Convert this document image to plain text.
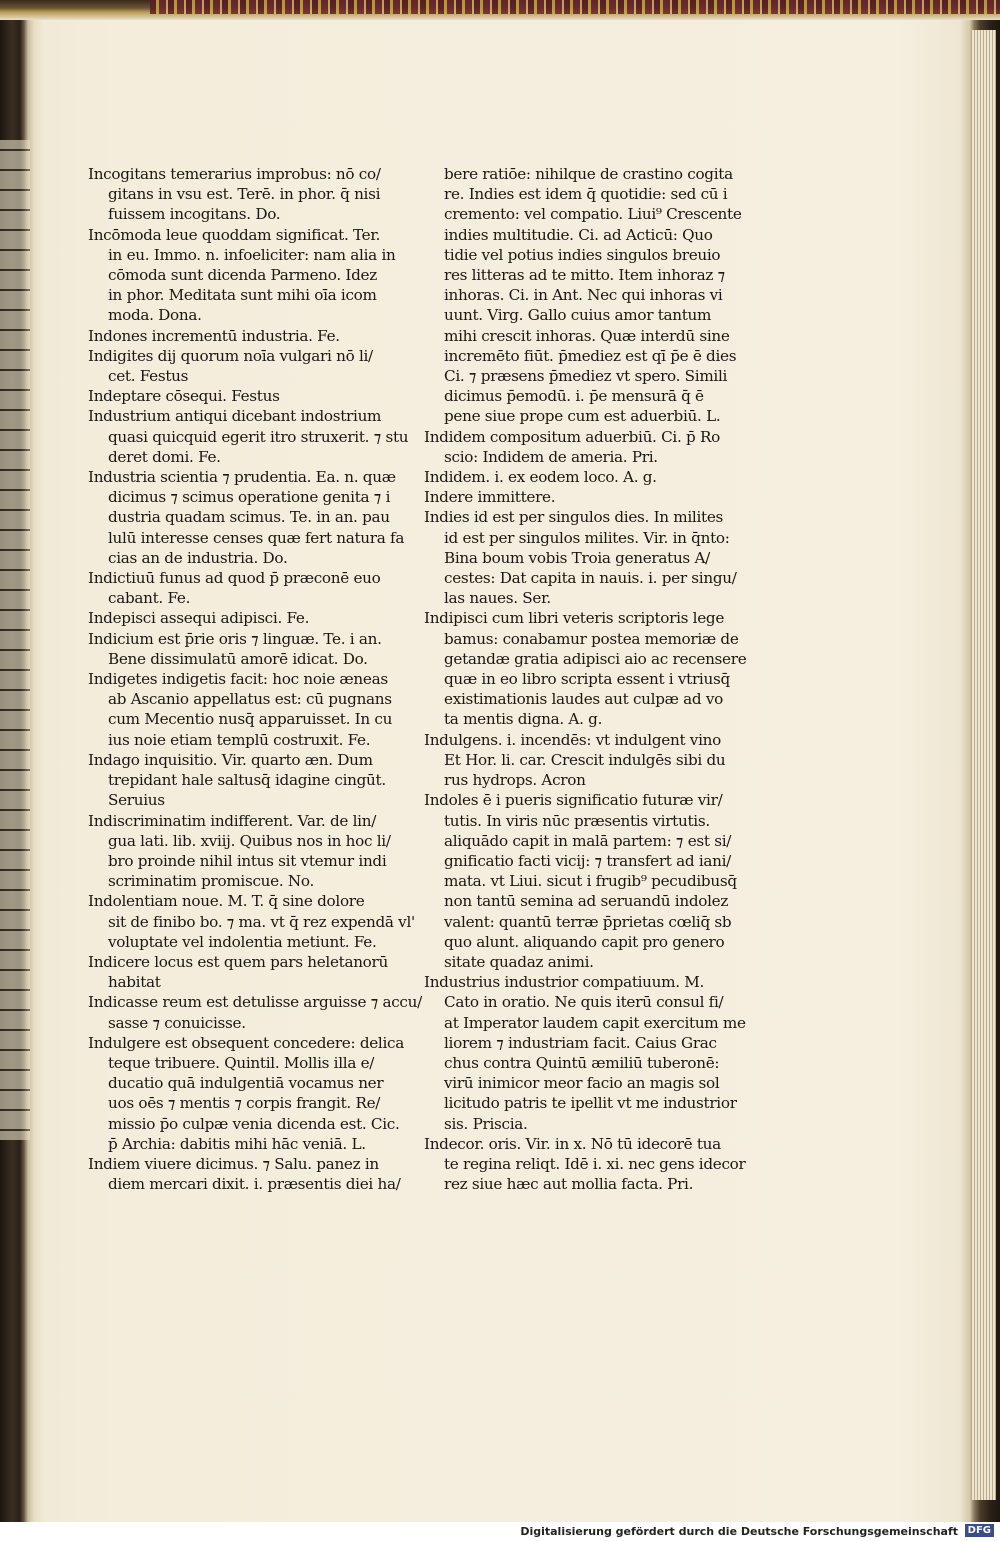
Incogitans temerarius improbus: nō co/

gitans in vsu est. Terē. in phor. q̄ nisi

fuissem incogitans. Do.

Incōmoda leue quoddam significat. Ter.

in eu. Immo. n. infoeliciter: nam alia in

cōmoda sunt dicenda Parmeno. Idez

in phor. Meditata sunt mihi oīa icom

moda. Dona.

Indones incrementū industria. Fe.

Indigites dij quorum noīa vulgari nō li/

cet. Festus

Indeptare cōsequi. Festus

Industrium antiqui dicebant indostrium

quasi quicquid egerit itro struxerit. ⁊ stu

deret domi. Fe.

Industria scientia ⁊ prudentia. Ea. n. quæ

dicimus ⁊ scimus operatione genita ⁊ i

dustria quadam scimus. Te. in an. pau

lulū interesse censes quæ fert natura fa

cias an de industria. Do.

Indictiuū funus ad quod p̄ præconē euo

cabant. Fe.

Indepisci assequi adipisci. Fe.

Indicium est p̄rie oris ⁊ linguæ. Te. i an.

Bene dissimulatū amorē idicat. Do.

Indigetes indigetis facit: hoc noie æneas

ab Ascanio appellatus est: cū pugnans

cum Mecentio nusq̄ apparuisset. In cu

ius noie etiam templū costruxit. Fe.

Indago inquisitio. Vir. quarto æn. Dum

trepidant hale saltusq̄ idagine cingūt.

Seruius

Indiscriminatim indifferent. Var. de lin/

gua lati. lib. xviij. Quibus nos in hoc li/

bro proinde nihil intus sit vtemur indi

scriminatim promiscue. No.

Indolentiam noue. M. T. q̄ sine dolore

sit de finibo bo. ⁊ ma. vt q̄ rez expendā vl'

voluptate vel indolentia metiunt. Fe.

Indicere locus est quem pars heletanorū

habitat

Indicasse reum est detulisse arguisse ⁊ accu/

sasse ⁊ conuicisse.

Indulgere est obsequent concedere: delica

teque tribuere. Quintil. Mollis illa e/

ducatio quā indulgentiā vocamus ner

uos oēs ⁊ mentis ⁊ corpis frangit. Re/

missio p̄o culpæ venia dicenda est. Cic.

p̄ Archia: dabitis mihi hāc veniā. L.

Indiem viuere dicimus. ⁊ Salu. panez in

diem mercari dixit. i. præsentis diei ha/

bere ratiōe: nihilque de crastino cogita

re. Indies est idem q̄ quotidie: sed cū i

cremento: vel compatio. Liui⁹ Crescente

indies multitudie. Ci. ad Acticū: Quo

tidie vel potius indies singulos breuio

res litteras ad te mitto. Item inhoraz ⁊

inhoras. Ci. in Ant. Nec qui inhoras vi

uunt. Virg. Gallo cuius amor tantum

mihi crescit inhoras. Quæ interdū sine

incremēto fiūt. p̄mediez est qī p̄e ē dies

Ci. ⁊ præsens p̄mediez vt spero. Simili

dicimus p̄emodū. i. p̄e mensurā q̄ ē

pene siue prope cum est aduerbiū. L.

Indidem compositum aduerbiū. Ci. p̄ Ro

scio: Indidem de ameria. Pri.

Indidem. i. ex eodem loco. A. g.

Indere immittere.

Indies id est per singulos dies. In milites

id est per singulos milites. Vir. in q̄nto:

Bina boum vobis Troia generatus A/

cestes: Dat capita in nauis. i. per singu/

las naues. Ser.

Indipisci cum libri veteris scriptoris lege

bamus: conabamur postea memoriæ de

getandæ gratia adipisci aio ac recensere

quæ in eo libro scripta essent i vtriusq̄

existimationis laudes aut culpæ ad vo

ta mentis digna. A. g.

Indulgens. i. incendēs: vt indulgent vino

Et Hor. li. car. Crescit indulgēs sibi du

rus hydrops. Acron

Indoles ē i pueris significatio futuræ vir/

tutis. In viris nūc præsentis virtutis.

aliquādo capit in malā partem: ⁊ est si/

gnificatio facti vicij: ⁊ transfert ad iani/

mata. vt Liui. sicut i frugib⁹ pecudibusq̄

non tantū semina ad seruandū indolez

valent: quantū terræ p̄prietas cœliq̄ sb

quo alunt. aliquando capit pro genero

sitate quadaz animi.

Industrius industrior compatiuum. M.

Cato in oratio. Ne quis iterū consul fi/

at Imperator laudem capit exercitum me

liorem ⁊ industriam facit. Caius Grac

chus contra Quintū æmiliū tuberonē:

virū inimicor meor facio an magis sol

licitudo patris te ipellit vt me industrior

sis. Priscia.

Indecor. oris. Vir. in x. Nō tū idecorē tua

te regina reliqt. Idē i. xi. nec gens idecor

rez siue hæc aut mollia facta. Pri.

Digitalisierung gefördert durch die Deutsche Forschungsgemeinschaft DFG
